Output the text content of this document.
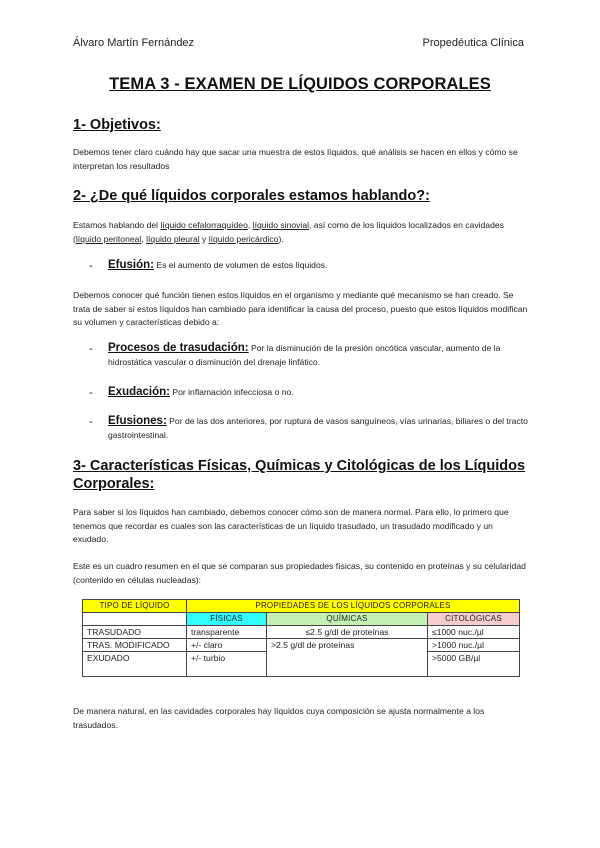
Álvaro Martín Fernández	Propedéutica Clínica
TEMA 3 - EXAMEN DE LÍQUIDOS CORPORALES
1- Objetivos:
Debemos tener claro cuándo hay que sacar una muestra de estos líquidos, qué análisis se hacen en ellos y cómo se interpretan los resultados
2- ¿De qué líquidos corporales estamos hablando?:
Estamos hablando del líquido cefalorraquídeo, líquido sinovial, así como de los líquidos localizados en cavidades (líquido peritoneal, líquido pleural y líquido pericárdico).
- Efusión: Es el aumento de volumen de estos líquidos.
Debemos conocer qué función tienen estos líquidos en el organismo y mediante qué mecanismo se han creado. Se trata de saber si estos líquidos han cambiado para identificar la causa del proceso, puesto que estos líquidos modifican su volumen y características debido a:
- Procesos de trasudación: Por la disminución de la presión oncótica vascular, aumento de la hidrostática vascular o disminución del drenaje linfático.
- Exudación: Por inflamación infecciosa o no.
- Efusiones: Por de las dos anteriores, por ruptura de vasos sanguíneos, vías urinarias, biliares o del tracto gastrointestinal.
3- Características Físicas, Químicas y Citológicas de los Líquidos Corporales:
Para saber si los líquidos han cambiado, debemos conocer cómo son de manera normal. Para ello, lo primero que tenemos que recordar es cuales son las características de un líquido trasudado, un trasudado modificado y un exudado.
Este es un cuadro resumen en el que se comparan sus propiedades físicas, su contenido en proteínas y su celularidad (contenido en células nucleadas):
TIPO DE LÍQUIDO	PROPIEDADES DE LOS LÍQUIDOS CORPORALES		
	FÍSICAS	QUÍMICAS	CITOLÓGICAS
TRASUDADO	transparente	≤2.5 g/dl de proteínas	≤1000 nuc./µl
TRAS. MODIFICADO	+/- claro	>2.5 g/dl de proteínas	>1000 nuc./µl
EXUDADO	+/- turbio		>5000 GB/µl
De manera natural, en las cavidades corporales hay líquidos cuya composición se ajusta normalmente a los trasudados.
